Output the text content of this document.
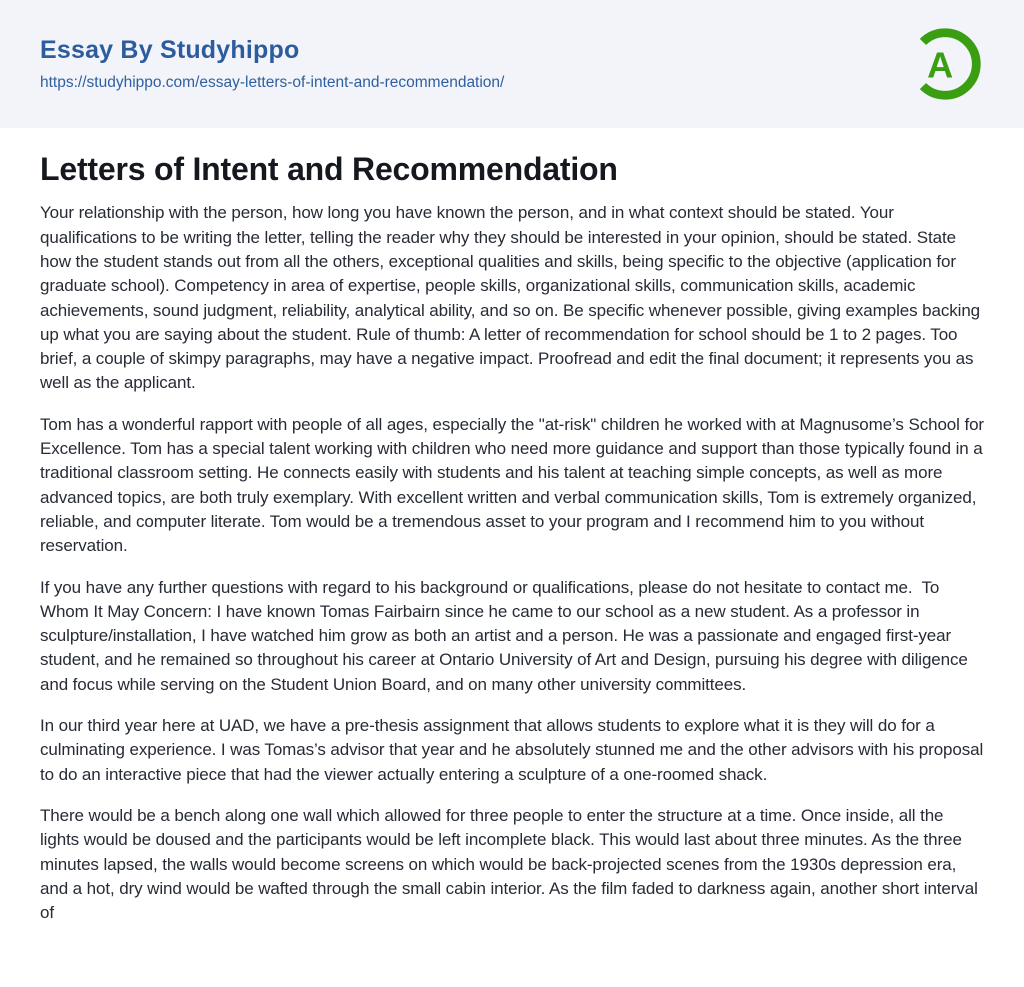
Essay By Studyhippo
https://studyhippo.com/essay-letters-of-intent-and-recommendation/	A
Letters of Intent and Recommendation

Your relationship with the person, how long you have known the person, and in what context should be stated. Your qualifications to be writing the letter, telling the reader why they should be interested in your opinion, should be stated. State how the student stands out from all the others, exceptional qualities and skills, being specific to the objective (application for graduate school). Competency in area of expertise, people skills, organizational skills, communication skills, academic achievements, sound judgment, reliability, analytical ability, and so on. Be specific whenever possible, giving examples backing up what you are saying about the student. Rule of thumb: A letter of recommendation for school should be 1 to 2 pages. Too brief, a couple of skimpy paragraphs, may have a negative impact. Proofread and edit the final document; it represents you as well as the applicant.

Tom has a wonderful rapport with people of all ages, especially the "at-risk" children he worked with at Magnusome’s School for Excellence. Tom has a special talent working with children who need more guidance and support than those typically found in a traditional classroom setting. He connects easily with students and his talent at teaching simple concepts, as well as more advanced topics, are both truly exemplary. With excellent written and verbal communication skills, Tom is extremely organized, reliable, and computer literate. Tom would be a tremendous asset to your program and I recommend him to you without reservation.

If you have any further questions with regard to his background or qualifications, please do not hesitate to contact me.  To Whom It May Concern: I have known Tomas Fairbairn since he came to our school as a new student. As a professor in sculpture/installation, I have watched him grow as both an artist and a person. He was a passionate and engaged first-year student, and he remained so throughout his career at Ontario University of Art and Design, pursuing his degree with diligence and focus while serving on the Student Union Board, and on many other university committees.

In our third year here at UAD, we have a pre-thesis assignment that allows students to explore what it is they will do for a culminating experience. I was Tomas’s advisor that year and he absolutely stunned me and the other advisors with his proposal to do an interactive piece that had the viewer actually entering a sculpture of a one-roomed shack.

There would be a bench along one wall which allowed for three people to enter the structure at a time. Once inside, all the lights would be doused and the participants would be left incomplete black. This would last about three minutes. As the three minutes lapsed, the walls would become screens on which would be back-projected scenes from the 1930s depression era, and a hot, dry wind would be wafted through the small cabin interior. As the film faded to darkness again, another short interval of
